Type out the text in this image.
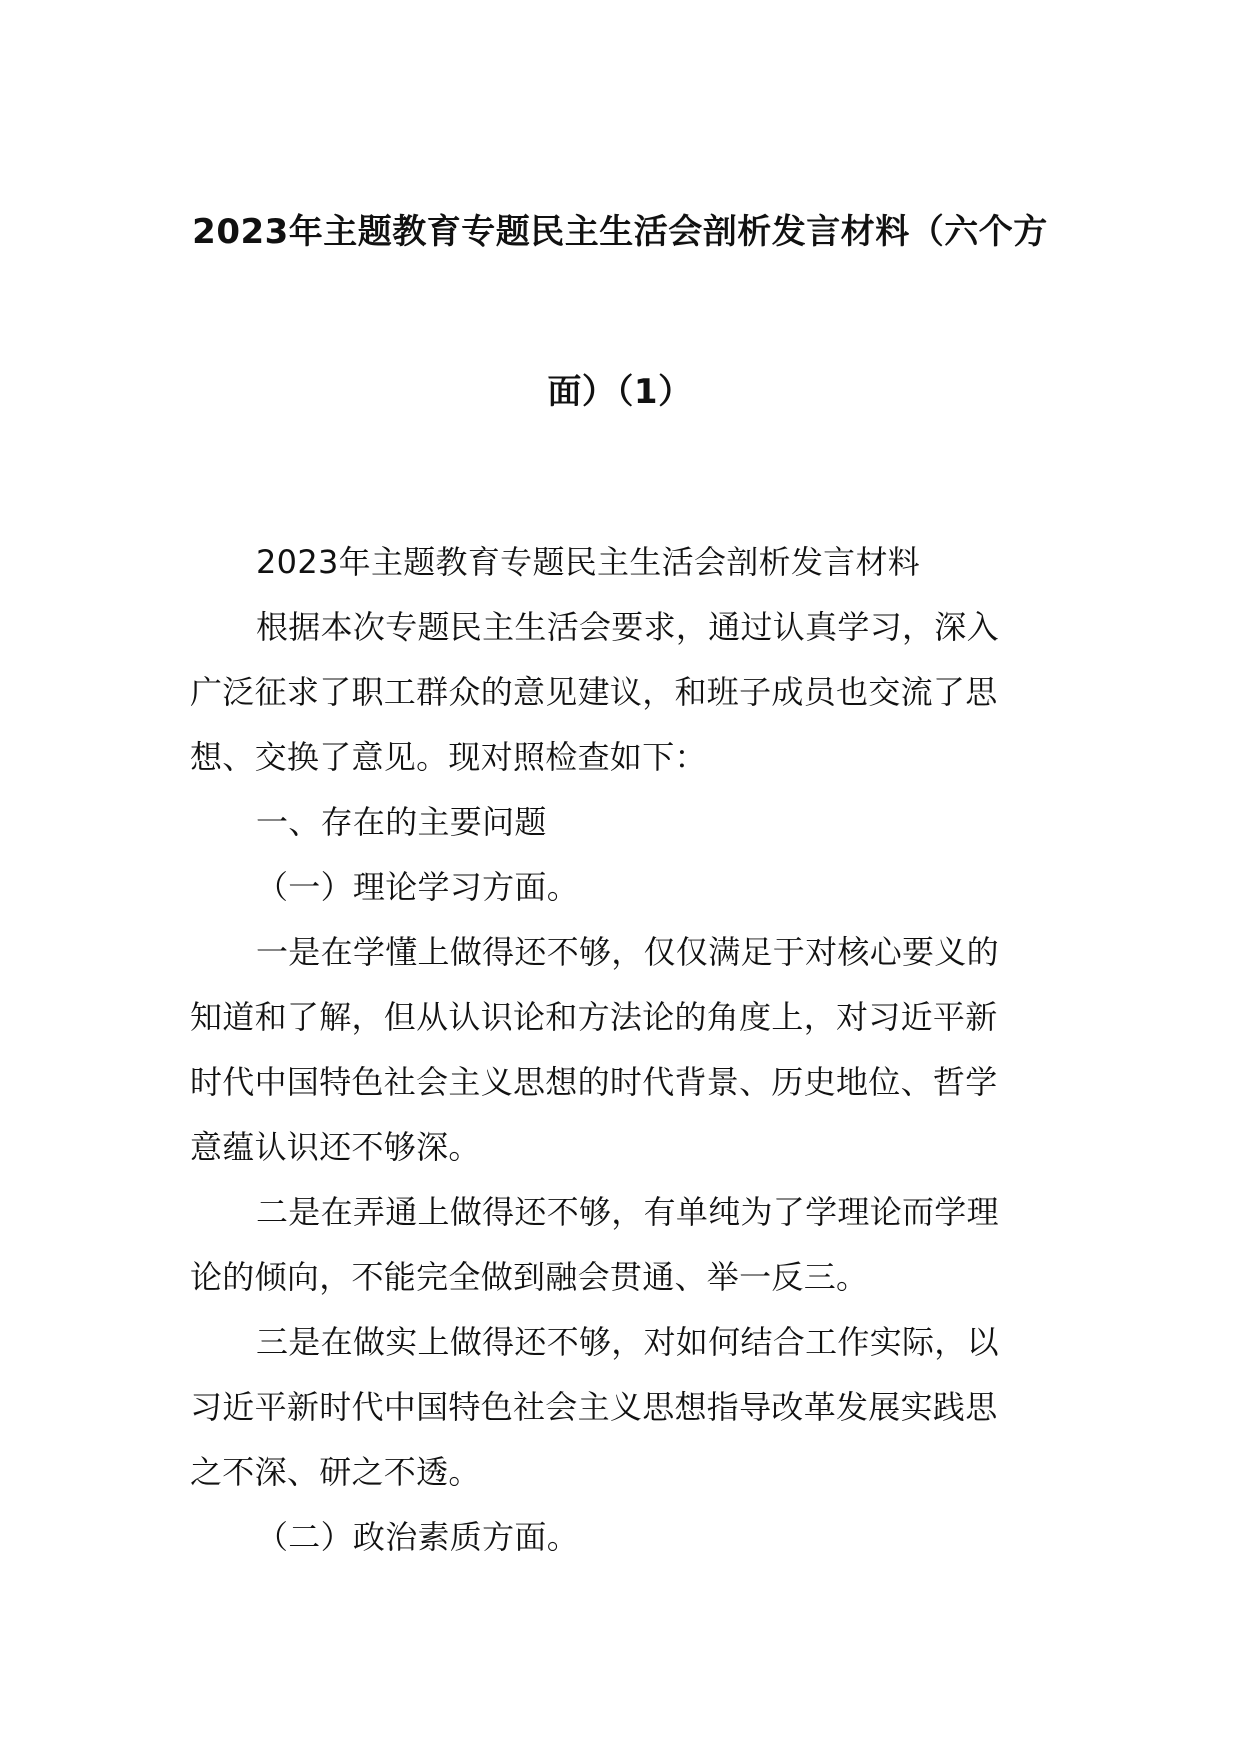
2023年主题教育专题民主生活会剖析发言材料（六个方
面）（1）
2023年主题教育专题民主生活会剖析发言材料
根据本次专题民主生活会要求，通过认真学习，深入
广泛征求了职工群众的意见建议，和班子成员也交流了思
想、交换了意见。现对照检查如下：
一、存在的主要问题
（一）理论学习方面。
一是在学懂上做得还不够，仅仅满足于对核心要义的
知道和了解，但从认识论和方法论的角度上，对习近平新
时代中国特色社会主义思想的时代背景、历史地位、哲学
意蕴认识还不够深。
二是在弄通上做得还不够，有单纯为了学理论而学理
论的倾向，不能完全做到融会贯通、举一反三。
三是在做实上做得还不够，对如何结合工作实际，以
习近平新时代中国特色社会主义思想指导改革发展实践思
之不深、研之不透。
（二）政治素质方面。
